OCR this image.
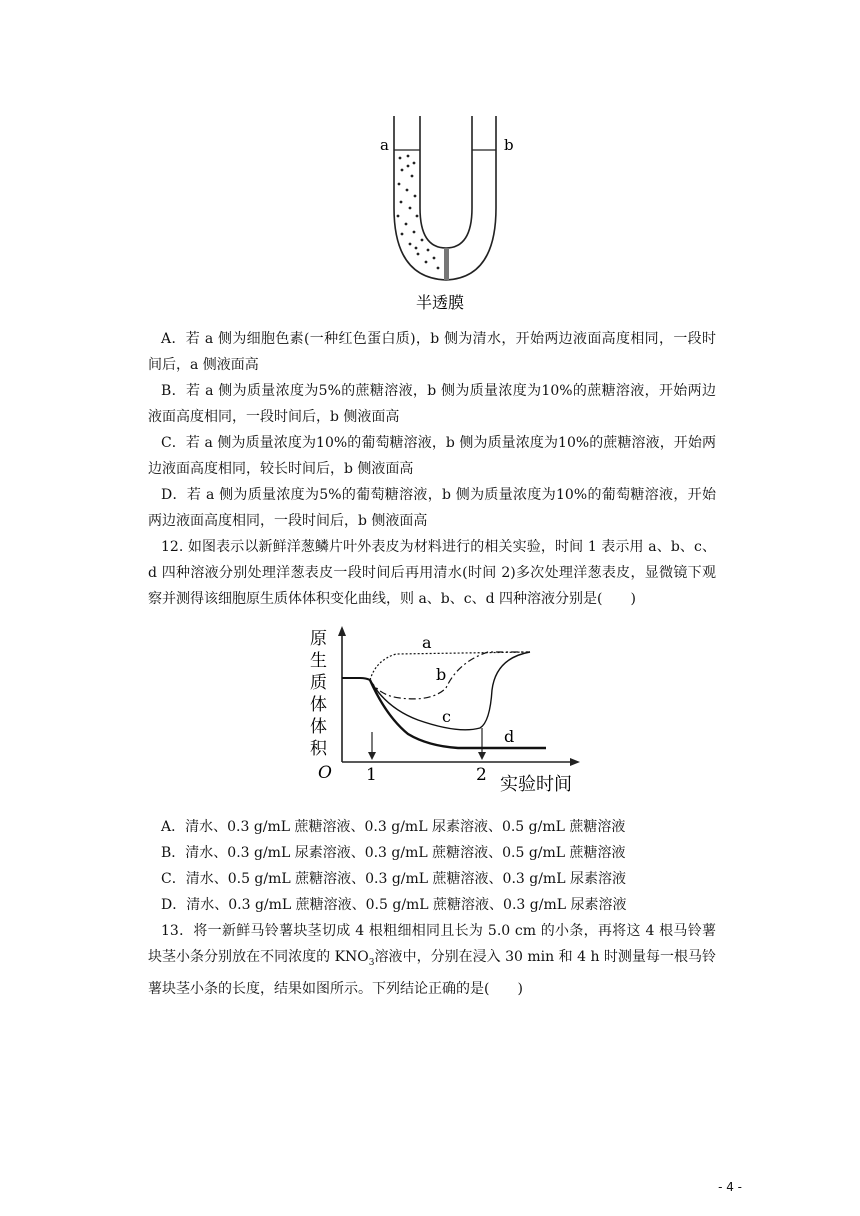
a	b
半透膜

A．若 a 侧为细胞色素(一种红色蛋白质)，b 侧为清水，开始两边液面高度相同，一段时间后，a 侧液面高

B．若 a 侧为质量浓度为5%的蔗糖溶液，b 侧为质量浓度为10%的蔗糖溶液，开始两边液面高度相同，一段时间后，b 侧液面高

C．若 a 侧为质量浓度为10%的葡萄糖溶液，b 侧为质量浓度为10%的蔗糖溶液，开始两边液面高度相同，较长时间后，b 侧液面高

D．若 a 侧为质量浓度为5%的葡萄糖溶液，b 侧为质量浓度为10%的葡萄糖溶液，开始两边液面高度相同，一段时间后，b 侧液面高

12. 如图表示以新鲜洋葱鳞片叶外表皮为材料进行的相关实验，时间 1 表示用 a、b、c、d 四种溶液分别处理洋葱表皮一段时间后再用清水(时间 2)多次处理洋葱表皮，显微镜下观察并测得该细胞原生质体体积变化曲线，则 a、b、c、d 四种溶液分别是(　　)

原
生
质
体
体
积
O 1	2 实验时间
a
b
c
d

A．清水、0.3 g/mL 蔗糖溶液、0.3 g/mL 尿素溶液、0.5 g/mL 蔗糖溶液

B．清水、0.3 g/mL 尿素溶液、0.3 g/mL 蔗糖溶液、0.5 g/mL 蔗糖溶液

C．清水、0.5 g/mL 蔗糖溶液、0.3 g/mL 蔗糖溶液、0.3 g/mL 尿素溶液

D．清水、0.3 g/mL 蔗糖溶液、0.5 g/mL 蔗糖溶液、0.3 g/mL 尿素溶液

13．将一新鲜马铃薯块茎切成 4 根粗细相同且长为 5.0 cm 的小条，再将这 4 根马铃薯块茎小条分别放在不同浓度的 $KNO_3$溶液中，分别在浸入 30 min 和 4 h 时测量每一根马铃薯块茎小条的长度，结果如图所示。下列结论正确的是(　　)

- 4 -
